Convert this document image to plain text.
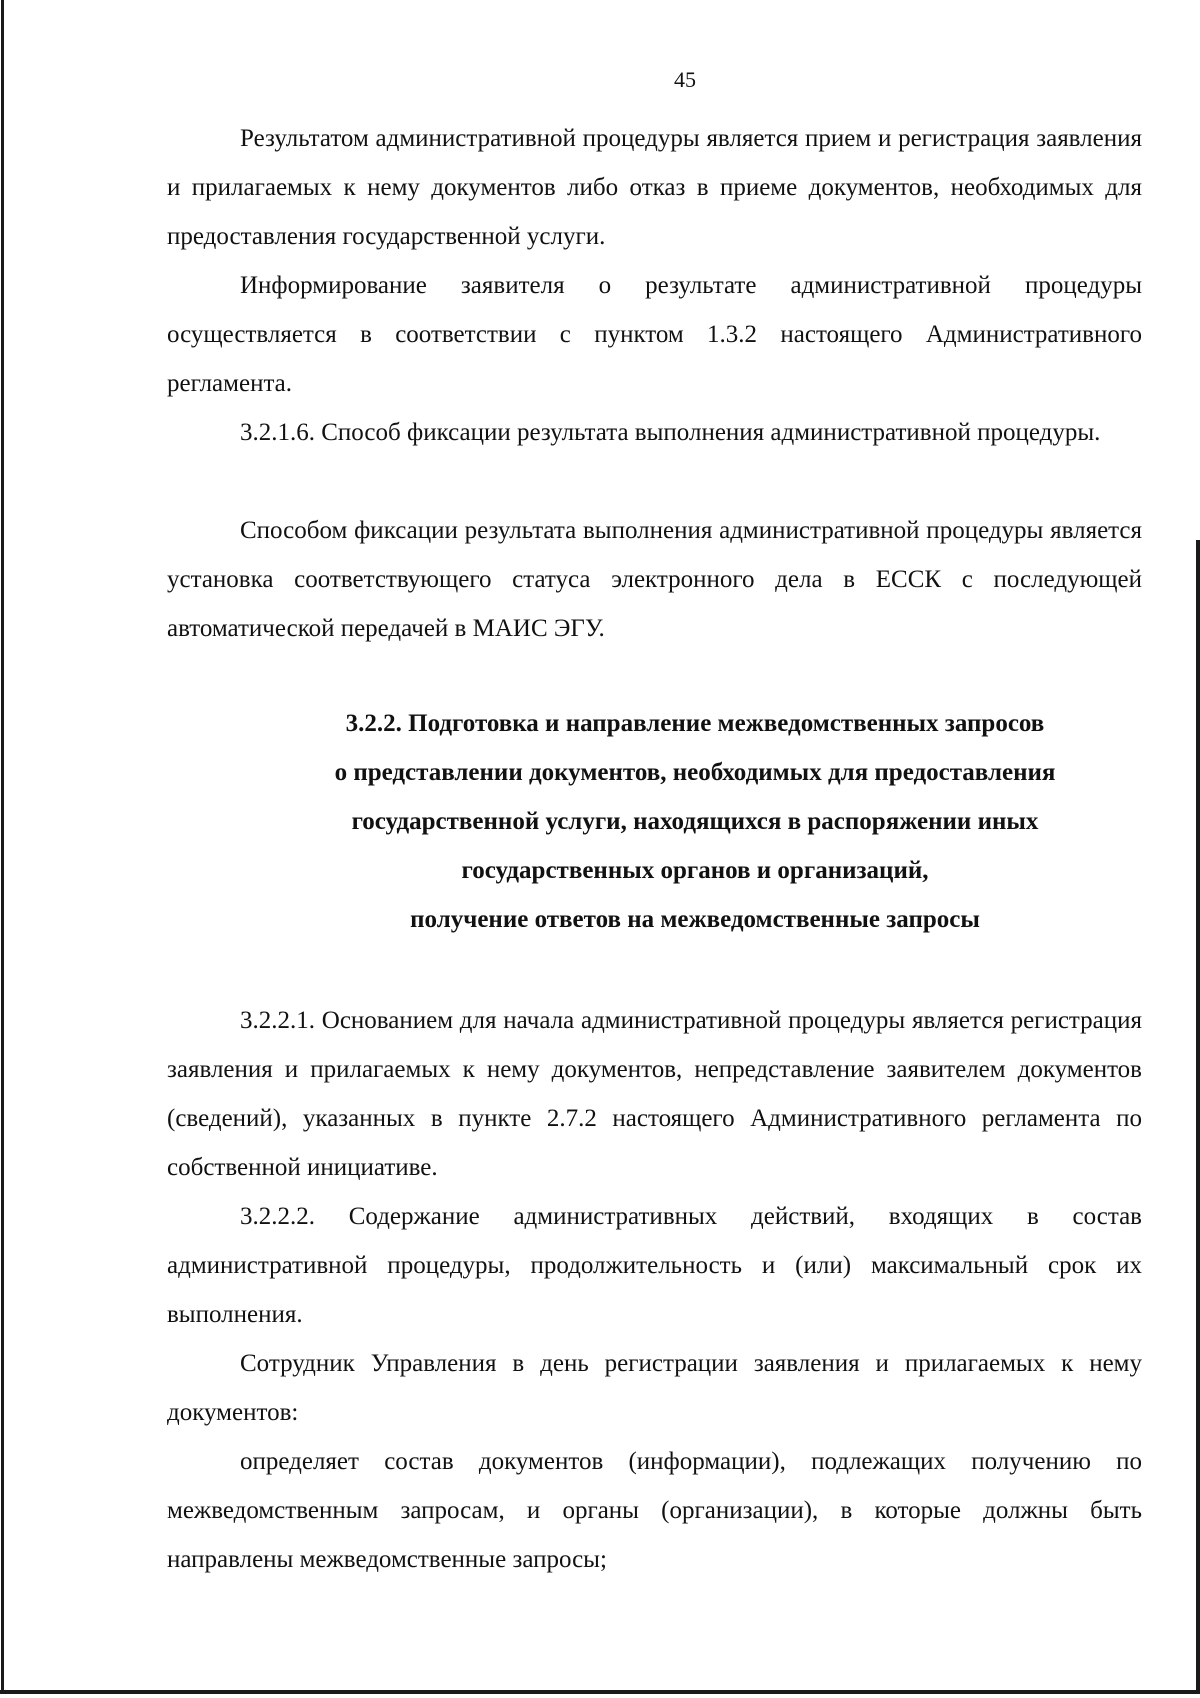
45

Результатом административной процедуры является прием и регистрация заявления и прилагаемых к нему документов либо отказ в приеме документов, необходимых для предоставления государственной услуги.

Информирование заявителя о результате административной процедуры осуществляется в соответствии с пунктом 1.3.2 настоящего Административного регламента.

3.2.1.6. Способ фиксации результата выполнения административной процедуры.

Способом фиксации результата выполнения административной процедуры является установка соответствующего статуса электронного дела в ЕССК с последующей автоматической передачей в МАИС ЭГУ.

3.2.2. Подготовка и направление межведомственных запросов
о представлении документов, необходимых для предоставления
государственной услуги, находящихся в распоряжении иных
государственных органов и организаций,
получение ответов на межведомственные запросы

3.2.2.1. Основанием для начала административной процедуры является регистрация заявления и прилагаемых к нему документов, непредставление заявителем документов (сведений), указанных в пункте 2.7.2 настоящего Административного регламента по собственной инициативе.

3.2.2.2. Содержание административных действий, входящих в состав административной процедуры, продолжительность и (или) максимальный срок их выполнения.

Сотрудник Управления в день регистрации заявления и прилагаемых к нему документов:

определяет состав документов (информации), подлежащих получению по межведомственным запросам, и органы (организации), в которые должны быть направлены межведомственные запросы;
